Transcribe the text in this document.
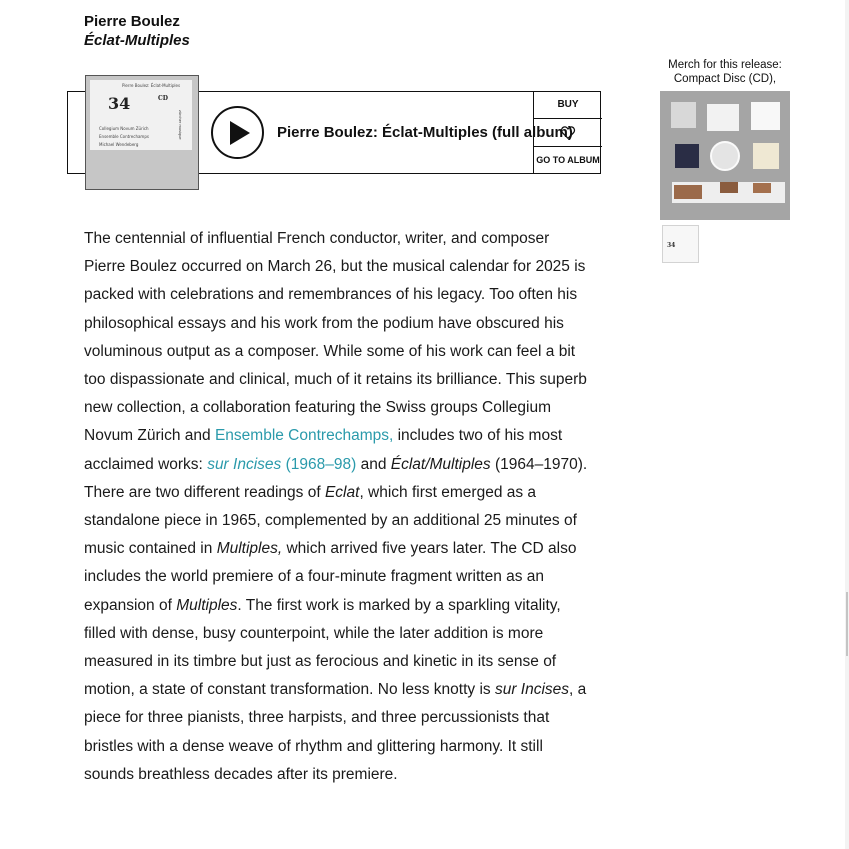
Pierre Boulez
Éclat-Multiples
Pierre Boulez: Éclat-Multiples
34	CD
Collegium Novum Zürich
Ensemble Contrechamps
Michael Wendeberg
zürcher musique	Pierre Boulez: Éclat-Multiples (full album)
BUY
GO TO ALBUM

The centennial of influential French conductor, writer, and composer Pierre Boulez occurred on March 26, but the musical calendar for 2025 is packed with celebrations and remembrances of his legacy. Too often his philosophical essays and his work from the podium have obscured his voluminous output as a composer. While some of his work can feel a bit too dispassionate and clinical, much of it retains its brilliance. This superb new collection, a collaboration featuring the Swiss groups Collegium Novum Zürich and Ensemble Contrechamps, includes two of his most acclaimed works: sur Incises (1968–98) and Éclat/Multiples (1964–1970). There are two different readings of Eclat, which first emerged as a standalone piece in 1965, complemented by an additional 25 minutes of music contained in Multiples, which arrived five years later. The CD also includes the world premiere of a four-minute fragment written as an expansion of Multiples. The first work is marked by a sparkling vitality, filled with dense, busy counterpoint, while the later addition is more measured in its timbre but just as ferocious and kinetic in its sense of motion, a state of constant transformation. No less knotty is sur Incises, a piece for three pianists, three harpists, and three percussionists that bristles with a dense weave of rhythm and glittering harmony. It still sounds breathless decades after its premiere.

Merch for this release: Compact Disc (CD),
34
